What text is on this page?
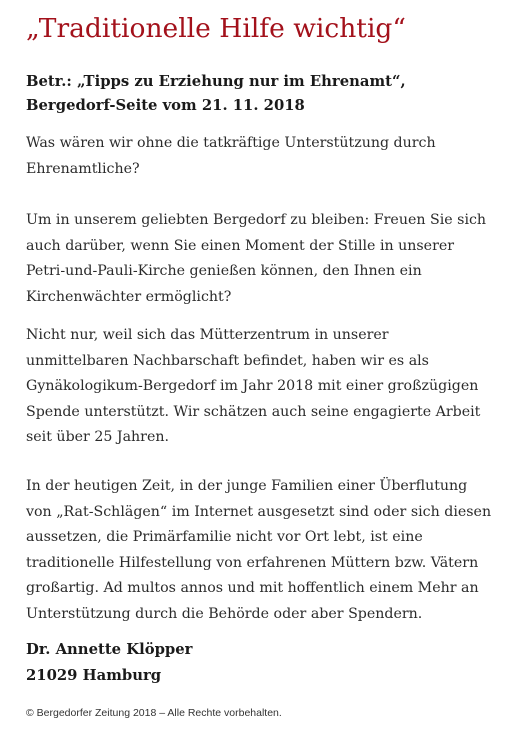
„Traditionelle Hilfe wichtig“
Betr.: „Tipps zu Erziehung nur im Ehrenamt“,
Bergedorf-Seite vom 21. 11. 2018
Was wären wir ohne die tatkräftige Unterstützung durch
Ehrenamtliche?
Um in unserem geliebten Bergedorf zu bleiben: Freuen Sie sich
auch darüber, wenn Sie einen Moment der Stille in unserer
Petri-und-Pauli-Kirche genießen können, den Ihnen ein
Kirchenwächter ermöglicht?
Nicht nur, weil sich das Mütterzentrum in unserer
unmittelbaren Nachbarschaft befindet, haben wir es als
Gynäkologikum-Bergedorf im Jahr 2018 mit einer großzügigen
Spende unterstützt. Wir schätzen auch seine engagierte Arbeit
seit über 25 Jahren.
In der heutigen Zeit, in der junge Familien einer Überflutung
von „Rat-Schlägen“ im Internet ausgesetzt sind oder sich diesen
aussetzen, die Primärfamilie nicht vor Ort lebt, ist eine
traditionelle Hilfestellung von erfahrenen Müttern bzw. Vätern
großartig. Ad multos annos und mit hoffentlich einem Mehr an
Unterstützung durch die Behörde oder aber Spendern.
Dr. Annette Klöpper
21029 Hamburg
© Bergedorfer Zeitung 2018 – Alle Rechte vorbehalten.
